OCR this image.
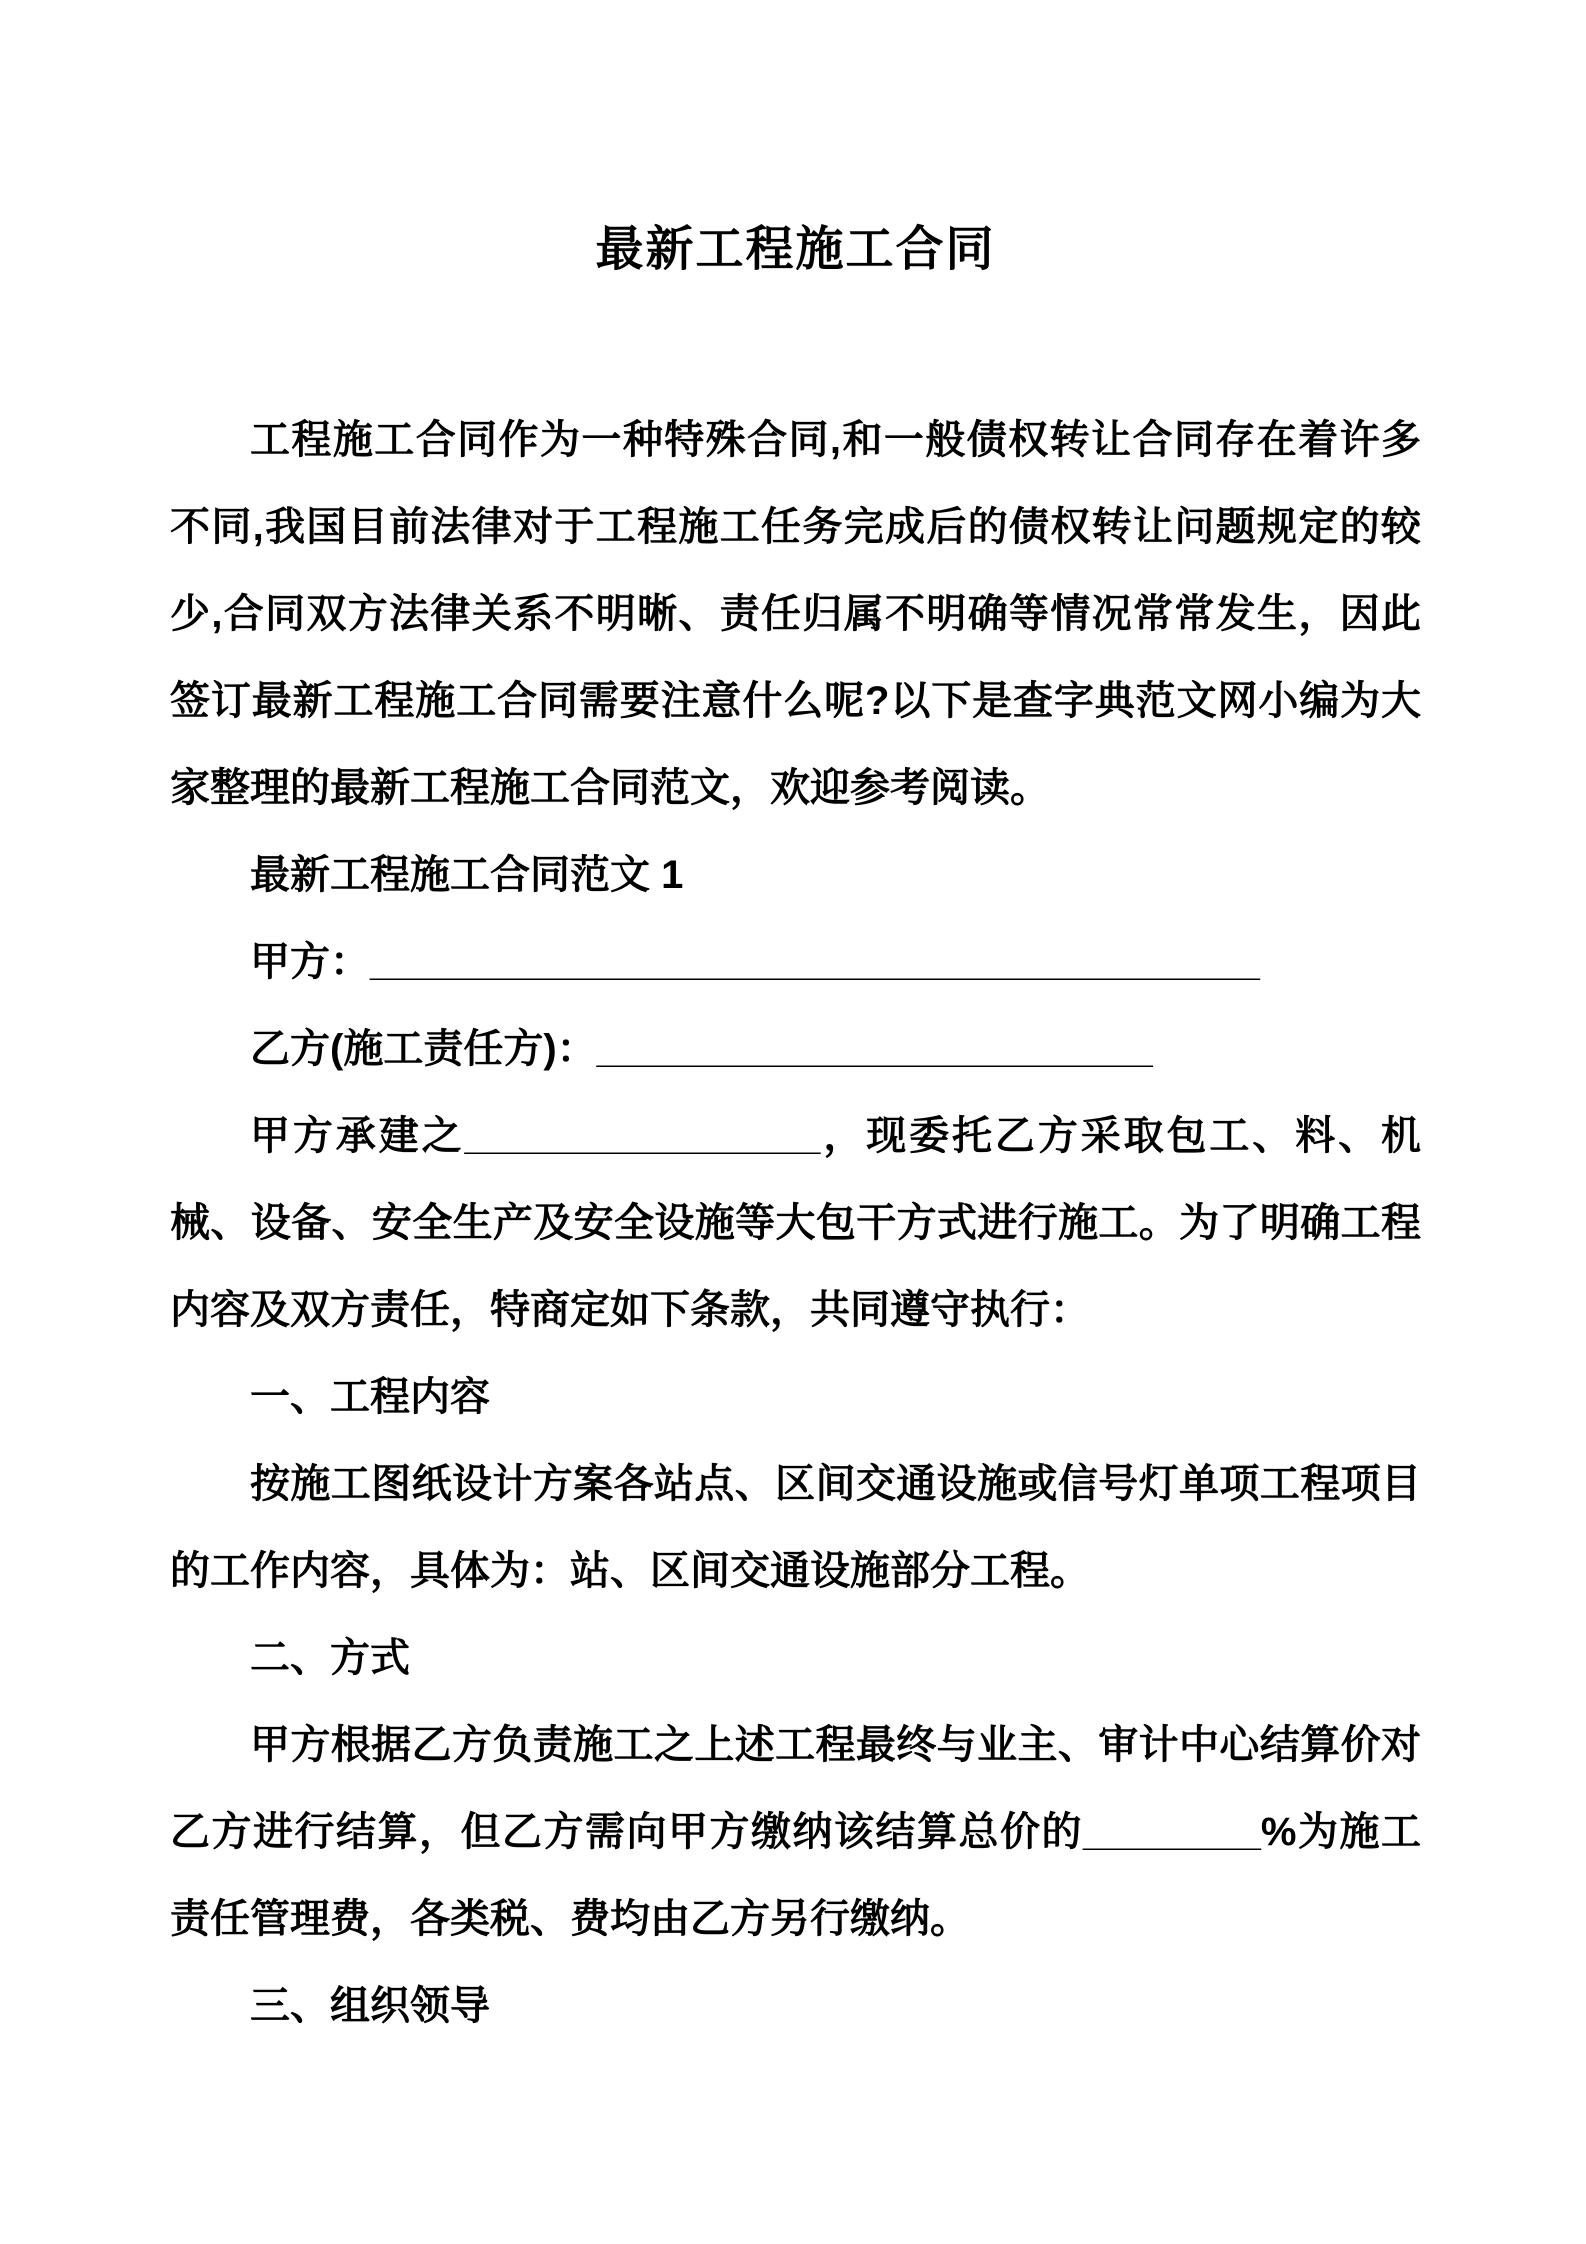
最新工程施工合同

工程施工合同作为一种特殊合同,和一般债权转让合同存在着许多不同,我国目前法律对于工程施工任务完成后的债权转让问题规定的较少,合同双方法律关系不明晰、责任归属不明确等情况常常发生，因此签订最新工程施工合同需要注意什么呢?以下是查字典范文网小编为大家整理的最新工程施工合同范文，欢迎参考阅读。

最新工程施工合同范文 1

甲方：________________________________________

乙方(施工责任方)：_________________________

甲方承建之________________，现委托乙方采取包工、料、机械、设备、安全生产及安全设施等大包干方式进行施工。为了明确工程内容及双方责任，特商定如下条款，共同遵守执行：

一、工程内容

按施工图纸设计方案各站点、区间交通设施或信号灯单项工程项目的工作内容，具体为：站、区间交通设施部分工程。

二、方式

甲方根据乙方负责施工之上述工程最终与业主、审计中心结算价对乙方进行结算，但乙方需向甲方缴纳该结算总价的________%为施工责任管理费，各类税、费均由乙方另行缴纳。

三、组织领导
